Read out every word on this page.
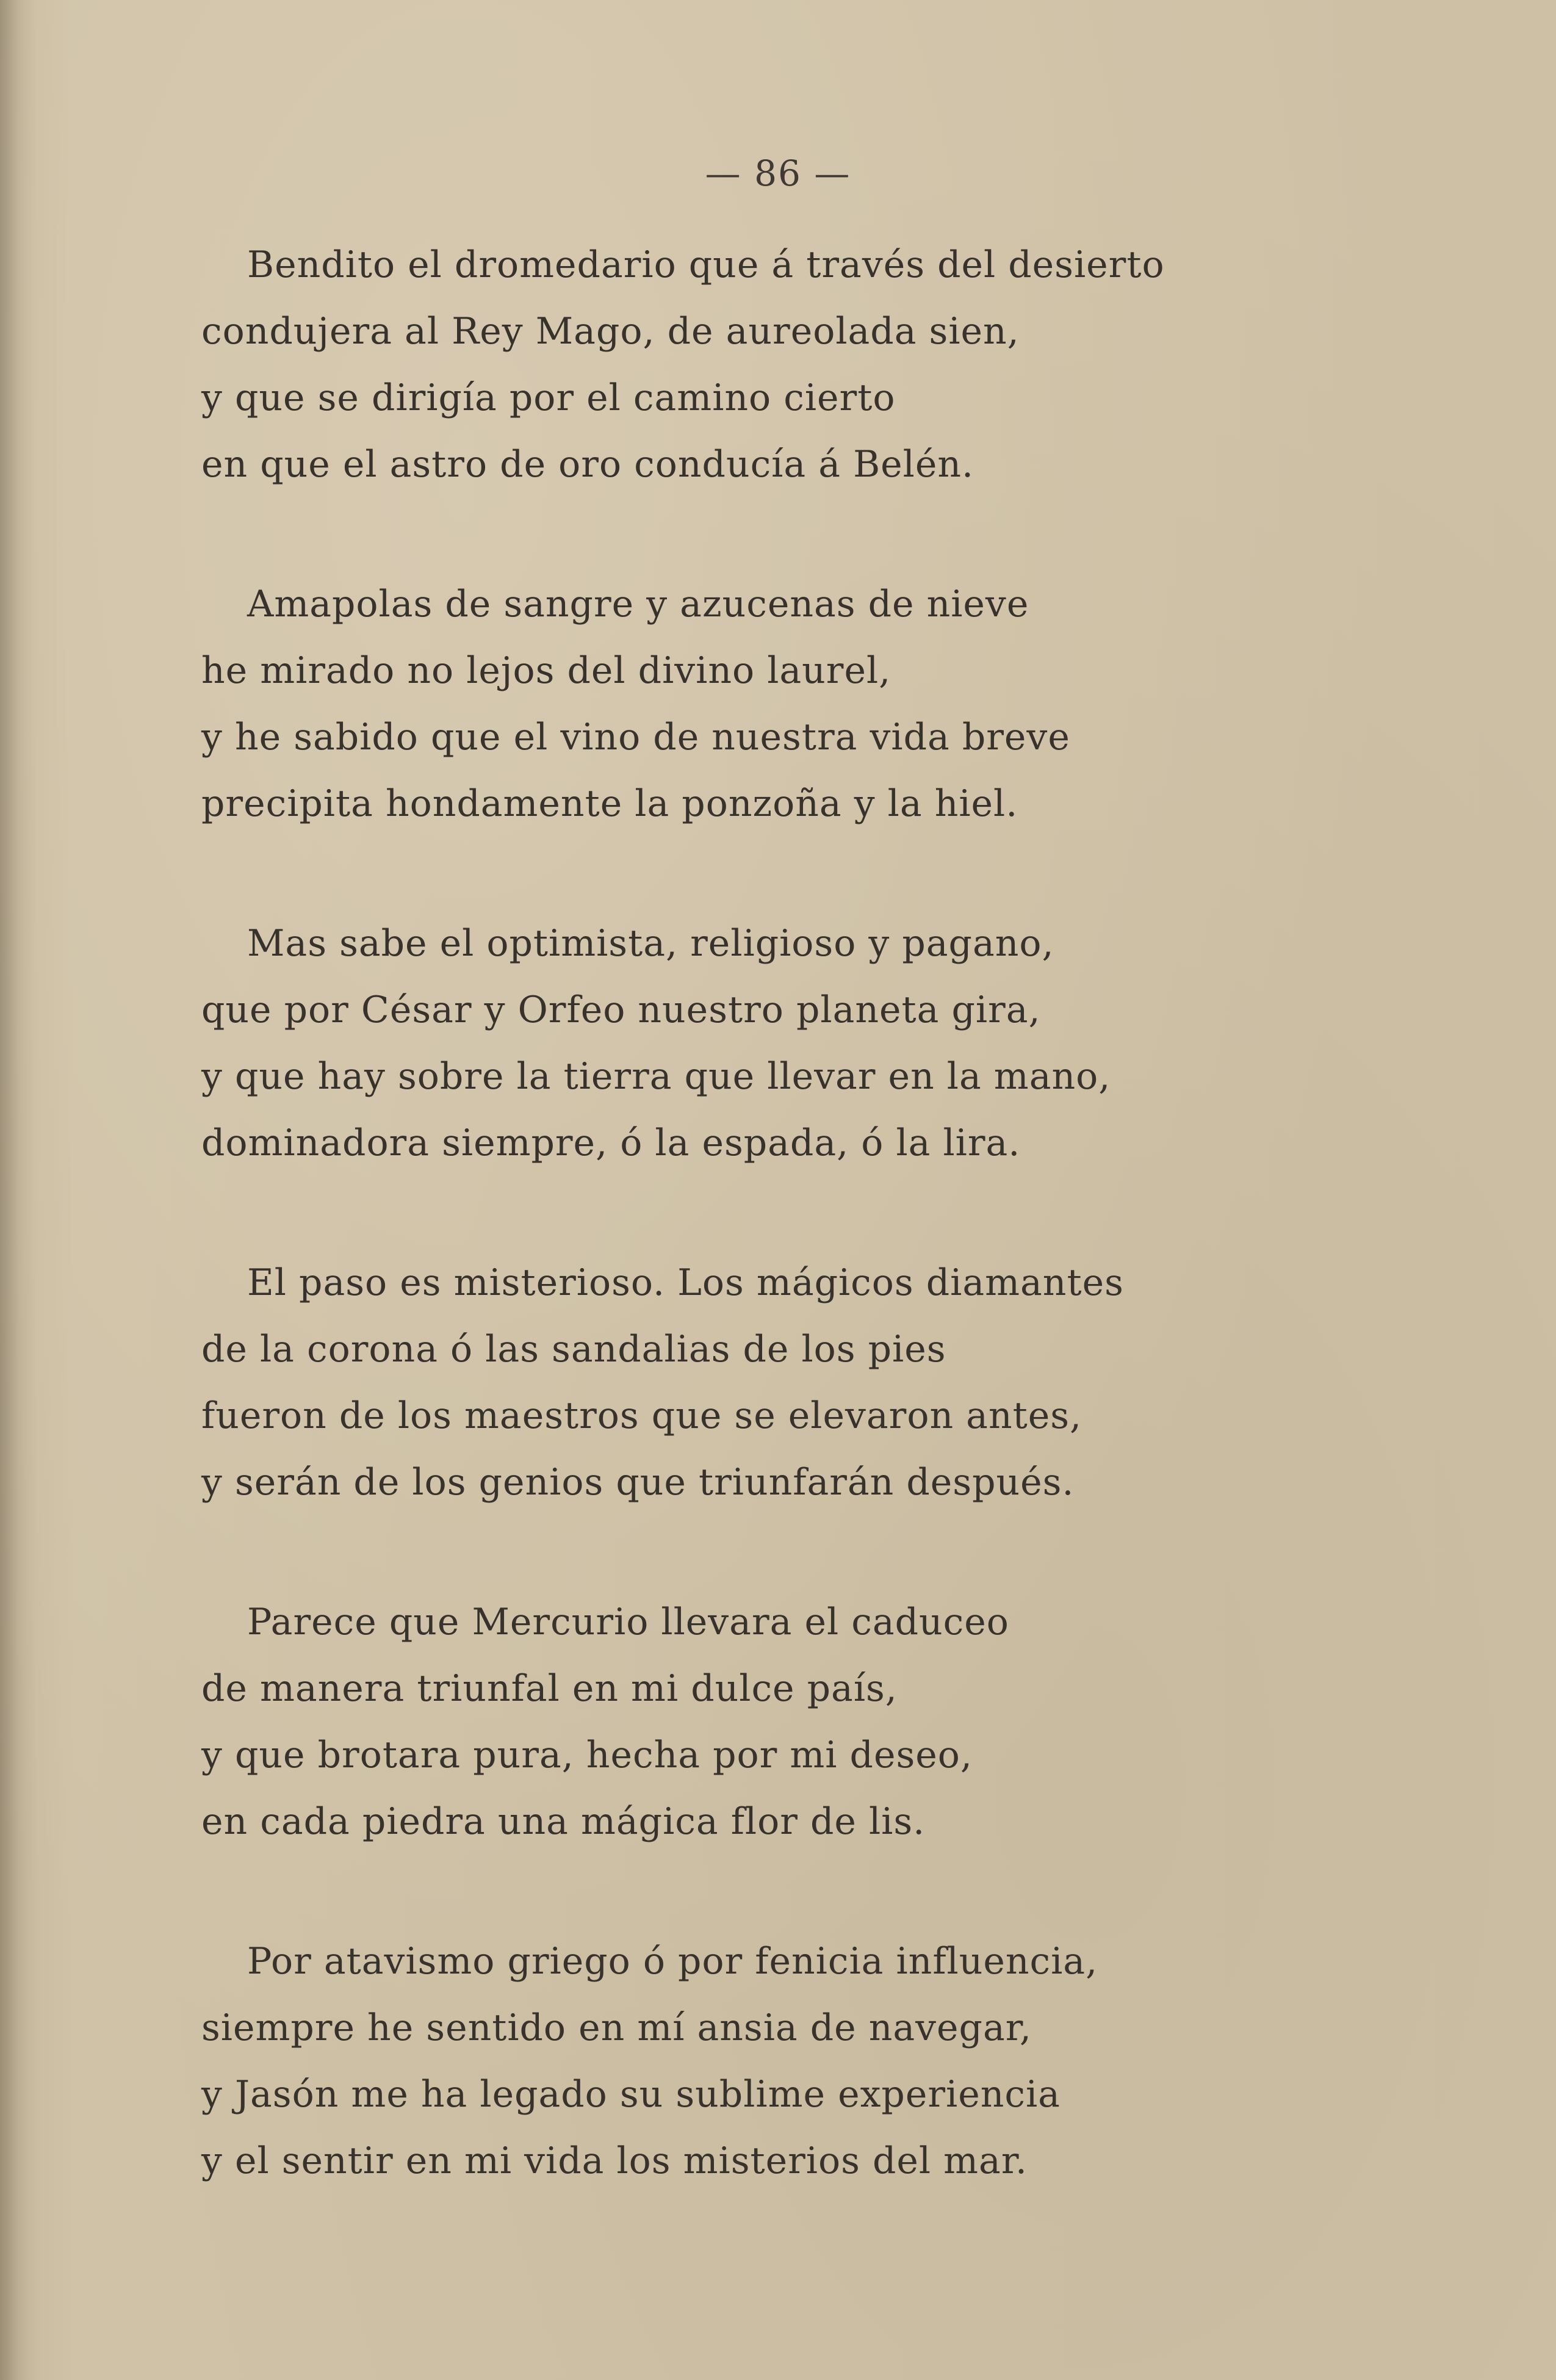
— 86 —
Bendito el dromedario que á través del desierto
condujera al Rey Mago, de aureolada sien,
y que se dirigía por el camino cierto
en que el astro de oro conducía á Belén.
Amapolas de sangre y azucenas de nieve
he mirado no lejos del divino laurel,
y he sabido que el vino de nuestra vida breve
precipita hondamente la ponzoña y la hiel.
Mas sabe el optimista, religioso y pagano,
que por César y Orfeo nuestro planeta gira,
y que hay sobre la tierra que llevar en la mano,
dominadora siempre, ó la espada, ó la lira.
El paso es misterioso. Los mágicos diamantes
de la corona ó las sandalias de los pies
fueron de los maestros que se elevaron antes,
y serán de los genios que triunfarán después.
Parece que Mercurio llevara el caduceo
de manera triunfal en mi dulce país,
y que brotara pura, hecha por mi deseo,
en cada piedra una mágica flor de lis.
Por atavismo griego ó por fenicia influencia,
siempre he sentido en mí ansia de navegar,
y Jasón me ha legado su sublime experiencia
y el sentir en mi vida los misterios del mar.
